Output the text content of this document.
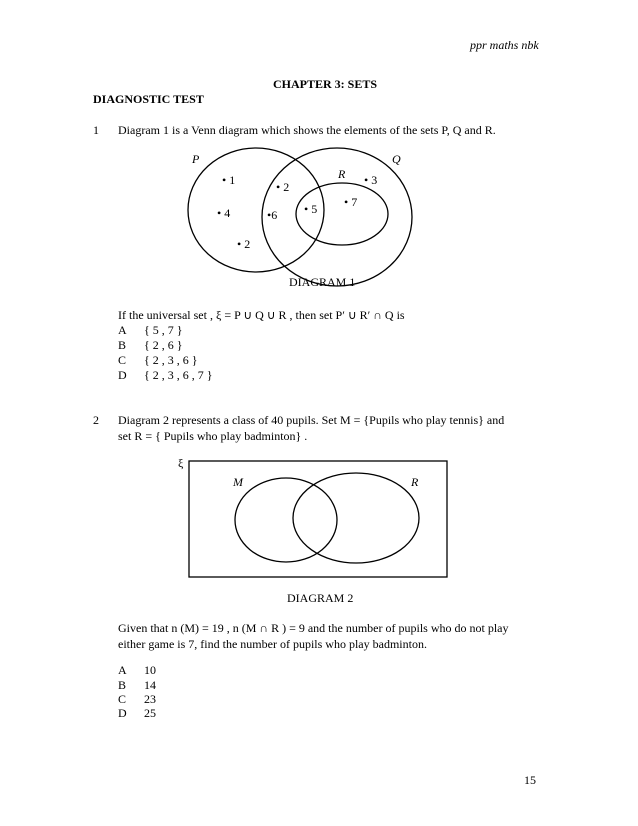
ppr maths nbk
CHAPTER 3: SETS
DIAGNOSTIC TEST
1 Diagram 1 is a Venn diagram which shows the elements of the sets P, Q and R.
P	Q
R
• 1	• 2	• 3
• 4	•6 • 5 • 7
• 2
DIAGRAM 1
If the universal set , ξ = P ∪ Q ∪ R , then set P′ ∪ R′ ∩ Q is
A { 5 , 7 }
B { 2 , 6 }
C { 2 , 3 , 6 }
D { 2 , 3 , 6 , 7 }
2 Diagram 2 represents a class of 40 pupils. Set M = {Pupils who play tennis} and
set R = { Pupils who play badminton} .
ξ
M	R
DIAGRAM 2
Given that n (M) = 19 , n (M ∩ R ) = 9 and the number of pupils who do not play
either game is 7, find the number of pupils who play badminton.
A 10
B 14
C 23
D 25
15
